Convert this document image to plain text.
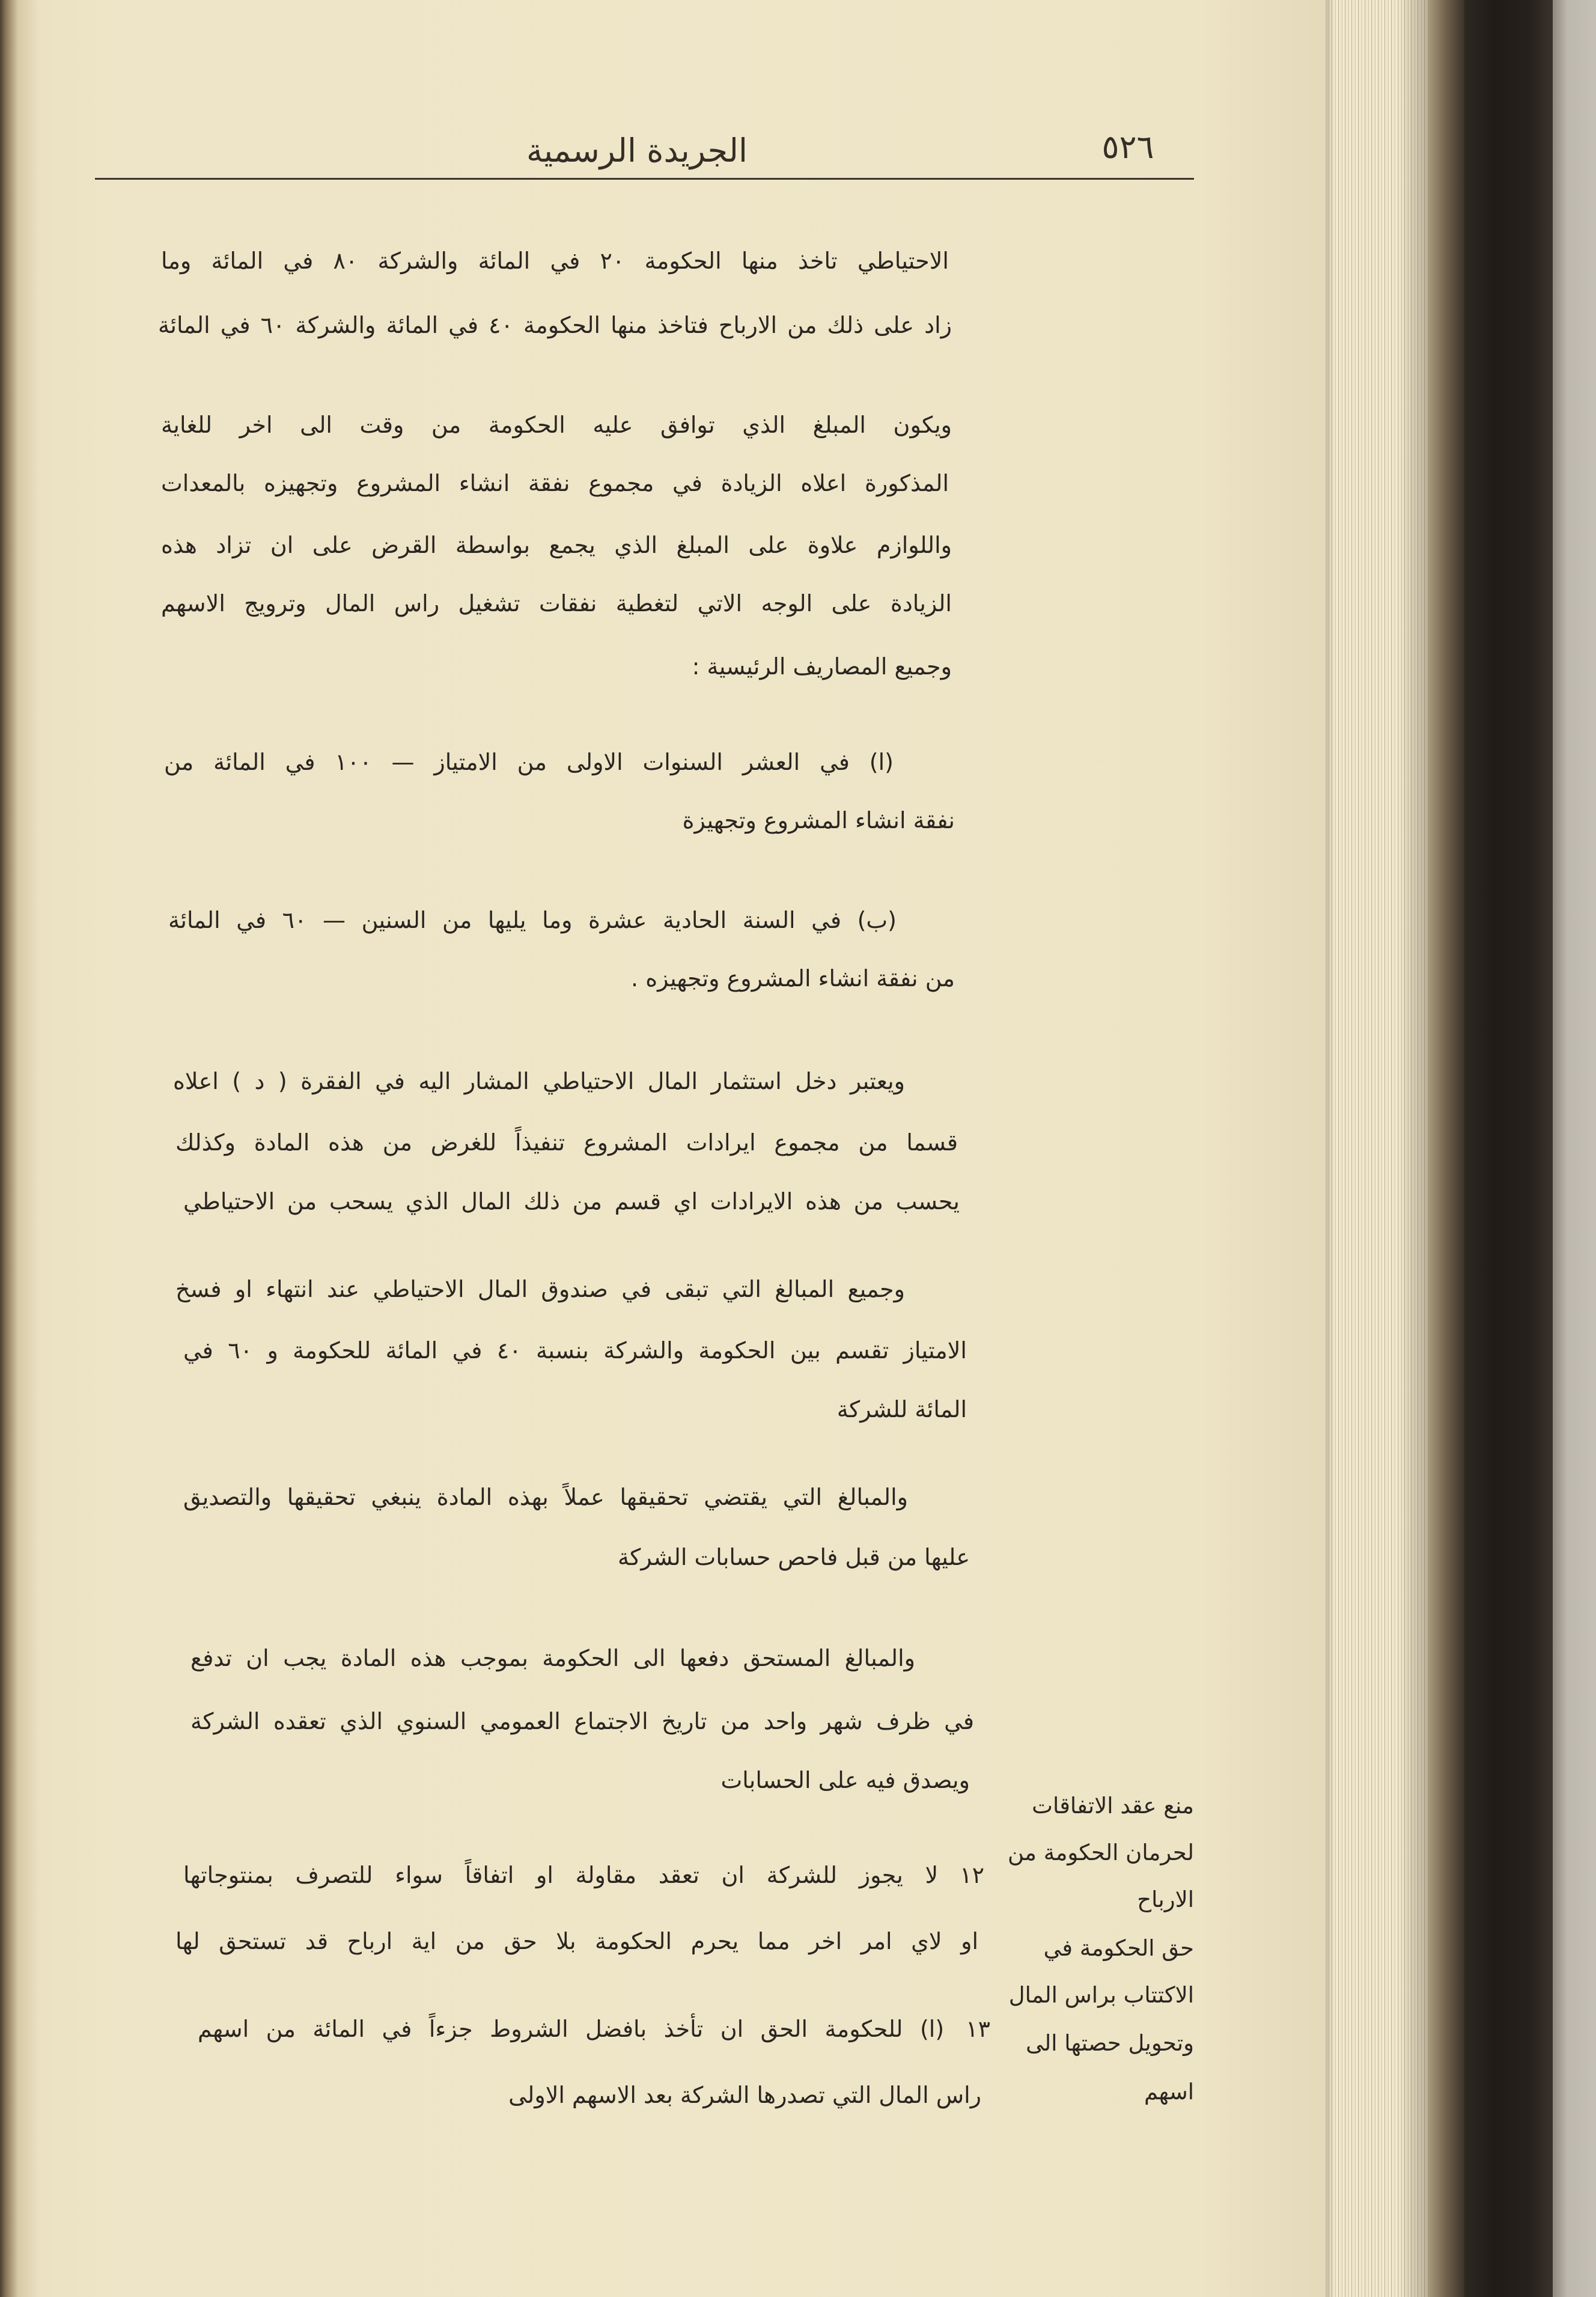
الجريدة الرسمية	٥٢٦
الاحتياطي تاخذ منها الحكومة ٢٠ في المائة والشركة ٨٠ في المائة وما
زاد على ذلك من الارباح فتاخذ منها الحكومة ٤٠ في المائة والشركة ٦٠ في المائة
ويكون المبلغ الذي توافق عليه الحكومة من وقت الى اخر للغاية
المذكورة اعلاه الزيادة في مجموع نفقة انشاء المشروع وتجهيزه بالمعدات
واللوازم علاوة على المبلغ الذي يجمع بواسطة القرض على ان تزاد هذه
الزيادة على الوجه الاتي لتغطية نفقات تشغيل راس المال وترويج الاسهم
وجميع المصاريف الرئيسية :
(ا) في العشر السنوات الاولى من الامتياز — ١٠٠ في المائة من
نفقة انشاء المشروع وتجهيزة
(ب) في السنة الحادية عشرة وما يليها من السنين — ٦٠ في المائة
من نفقة انشاء المشروع وتجهيزه .
ويعتبر دخل استثمار المال الاحتياطي المشار اليه في الفقرة ( د ) اعلاه
قسما من مجموع ايرادات المشروع تنفيذاً للغرض من هذه المادة وكذلك
يحسب من هذه الايرادات اي قسم من ذلك المال الذي يسحب من الاحتياطي
وجميع المبالغ التي تبقى في صندوق المال الاحتياطي عند انتهاء او فسخ
الامتياز تقسم بين الحكومة والشركة بنسبة ٤٠ في المائة للحكومة و ٦٠ في
المائة للشركة
والمبالغ التي يقتضي تحقيقها عملاً بهذه المادة ينبغي تحقيقها والتصديق
عليها من قبل فاحص حسابات الشركة
والمبالغ المستحق دفعها الى الحكومة بموجب هذه المادة يجب ان تدفع
في ظرف شهر واحد من تاريخ الاجتماع العمومي السنوي الذي تعقده الشركة
ويصدق فيه على الحسابات
١٢لا يجوز للشركة ان تعقد مقاولة او اتفاقاً سواء للتصرف بمنتوجاتها
او لاي امر اخر مما يحرم الحكومة بلا حق من اية ارباح قد تستحق لها
١٣(ا) للحكومة الحق ان تأخذ بافضل الشروط جزءاً في المائة من اسهم
راس المال التي تصدرها الشركة بعد الاسهم الاولى
منع عقد الاتفاقات
لحرمان الحكومة من
الارباح
حق الحكومة في
الاكتتاب براس المال
وتحويل حصتها الى
اسهم
